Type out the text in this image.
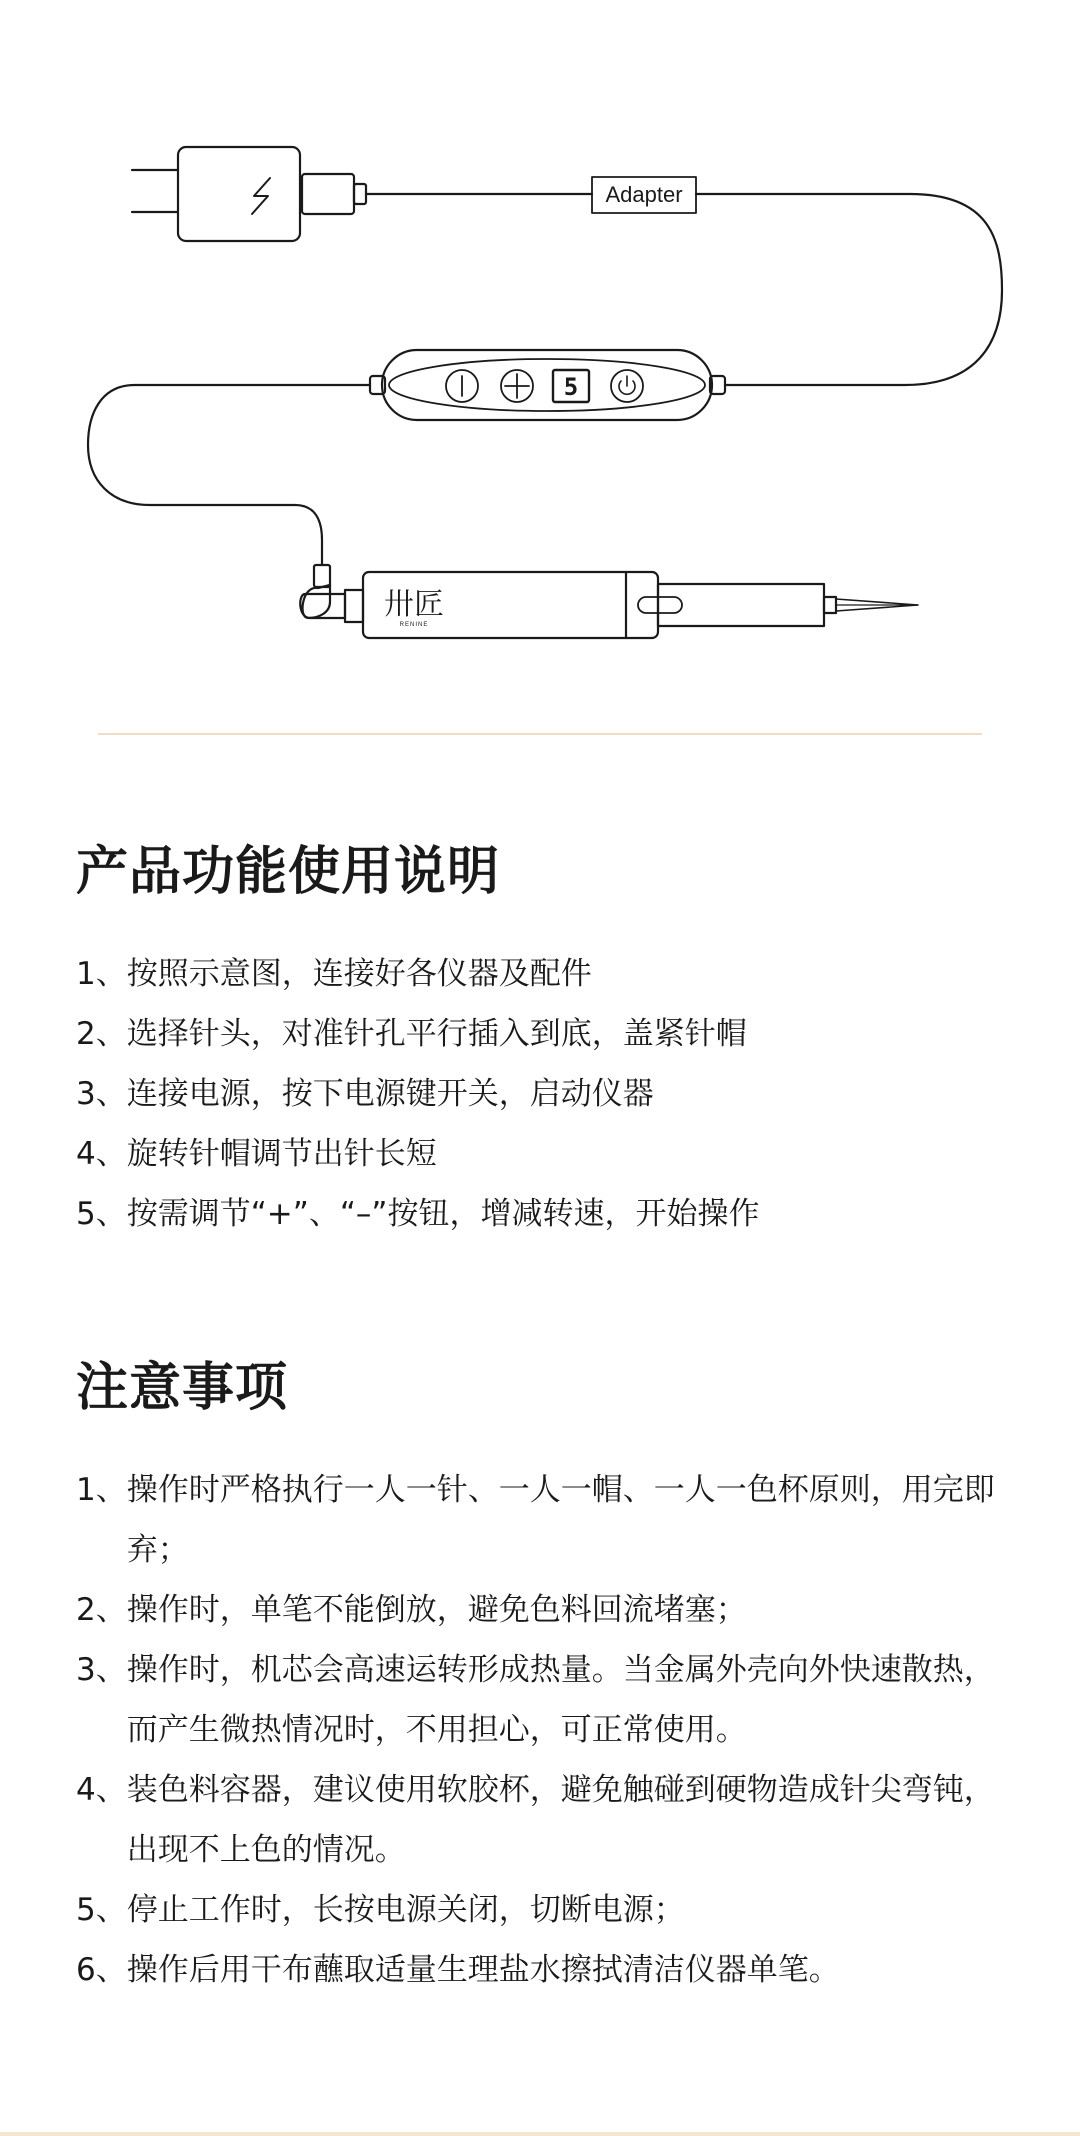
Adapter
5
卅匠
RENINE
产品功能使用说明
1、 按照示意图，连接好各仪器及配件
2、 选择针头，对准针孔平行插入到底，盖紧针帽
3、 连接电源，按下电源键开关，启动仪器
4、 旋转针帽调节出针长短
5、 按需调节“+”、“–”按钮，增减转速，开始操作
注意事项
1、 操作时严格执行一人一针、一人一帽、一人一色杯原则，用完即弃；
2、 操作时，单笔不能倒放，避免色料回流堵塞；
3、 操作时，机芯会高速运转形成热量。当金属外壳向外快速散热，而产生微热情况时，不用担心，可正常使用。
4、 装色料容器，建议使用软胶杯，避免触碰到硬物造成针尖弯钝，出现不上色的情况。
5、 停止工作时，长按电源关闭，切断电源；
6、 操作后用干布蘸取适量生理盐水擦拭清洁仪器单笔。
